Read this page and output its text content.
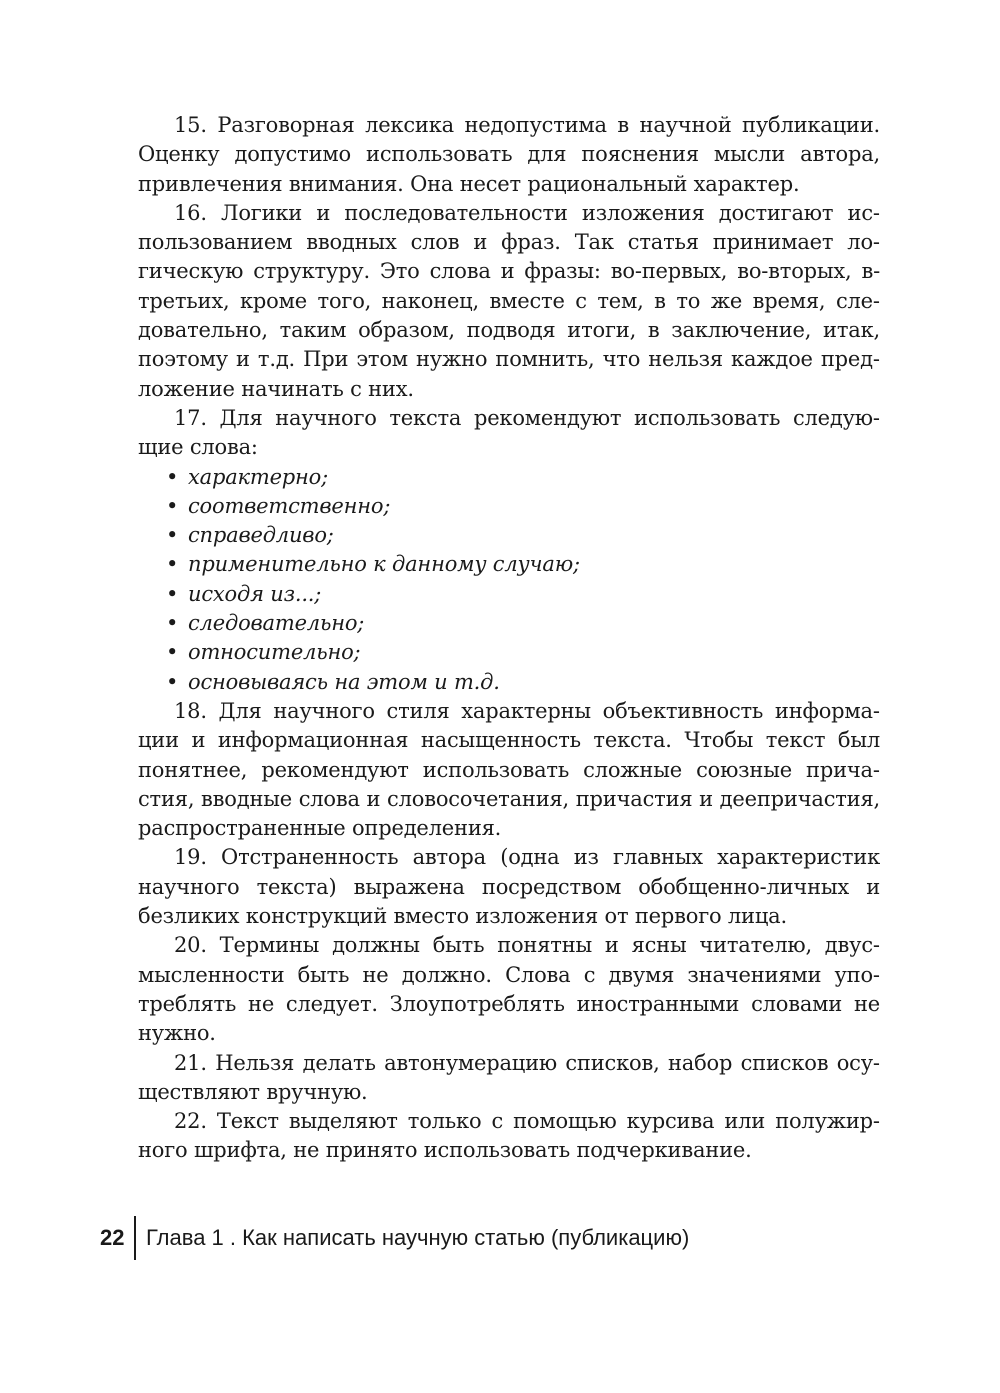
15. Разговорная лексика недопустима в научной публикации. Оценку допустимо использовать для пояснения мысли автора, привлечения внимания. Она несет рациональный характер.

16. Логики и последовательности изложения достигают использованием вводных слов и фраз. Так статья принимает логическую структуру. Это слова и фразы: во-первых, во-вторых, в-третьих, кроме того, наконец, вместе с тем, в то же время, следовательно, таким образом, подводя итоги, в заключение, итак, поэтому и т.д. При этом нужно помнить, что нельзя каждое предложение начинать с них.

17. Для научного текста рекомендуют использовать следующие слова:

• характерно;
• соответственно;
• справедливо;
• применительно к данному случаю;
• исходя из...;
• следовательно;
• относительно;
• основываясь на этом и т.д.

18. Для научного стиля характерны объективность информации и информационная насыщенность текста. Чтобы текст был понятнее, рекомендуют использовать сложные союзные причастия, вводные слова и словосочетания, причастия и деепричастия, распространенные определения.

19. Отстраненность автора (одна из главных характеристик научного текста) выражена посредством обобщенно-личных и безликих конструкций вместо изложения от первого лица.

20. Термины должны быть понятны и ясны читателю, двусмысленности быть не должно. Слова с двумя значениями употреблять не следует. Злоупотреблять иностранными словами не нужно.

21. Нельзя делать автонумерацию списков, набор списков осуществляют вручную.

22. Текст выделяют только с помощью курсива или полужирного шрифта, не принято использовать подчеркивание.

22 Глава 1 . Как написать научную статью (публикацию)
